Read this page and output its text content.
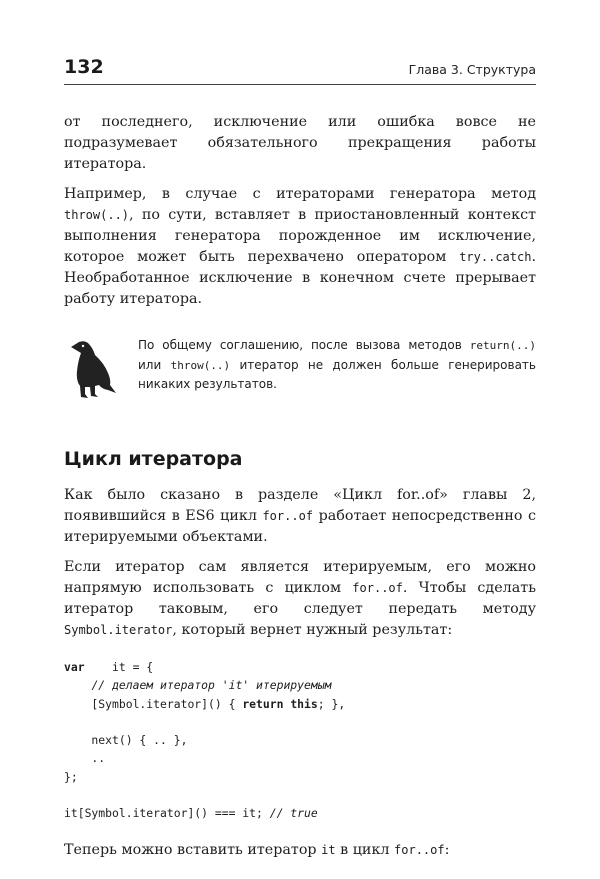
132	Глава 3. Структура

от последнего, исключение или ошибка вовсе не подразумевает обязательного прекращения работы итератора.

Например, в случае с итераторами генератора метод throw(..), по сути, вставляет в приостановленный контекст выполнения генератора порожденное им исключение, которое может быть перехвачено оператором try..catch. Необработанное исключение в конечном счете прерывает работу итератора.

По общему соглашению, после вызова методов return(..) или throw(..) итератор не должен больше генерировать никаких результатов.
Цикл итератора

Как было сказано в разделе «Цикл for..of» главы 2, появившийся в ES6 цикл for..of работает непосредственно с итерируемыми объектами.

Если итератор сам является итерируемым, его можно напрямую использовать с циклом for..of. Чтобы сделать итератор таковым, его следует передать методу Symbol.iterator, который вернет нужный результат:

var    it = {
// делаем итератор 'it' итерируемым
[Symbol.iterator]() { return this; },

next() { .. },
..
};

it[Symbol.iterator]() === it; // true

Теперь можно вставить итератор it в цикл for..of:
